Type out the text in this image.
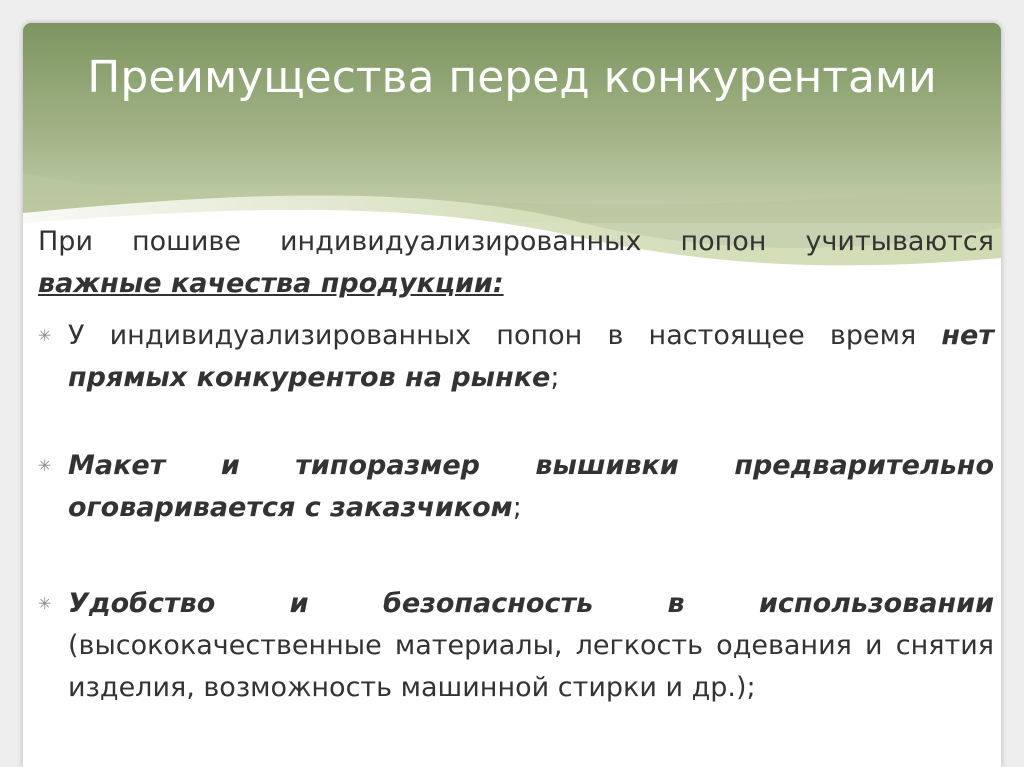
Преимущества перед конкурентами

При пошиве индивидуализированных попон учитываются важные качества продукции:

✳ У индивидуализированных попон в настоящее время нет прямых конкурентов на рынке;

✳ Макет и типоразмер вышивки предварительно оговаривается с заказчиком;

✳ Удобство и безопасность в использовании (высококачественные материалы, легкость одевания и снятия изделия, возможность машинной стирки и др.);
